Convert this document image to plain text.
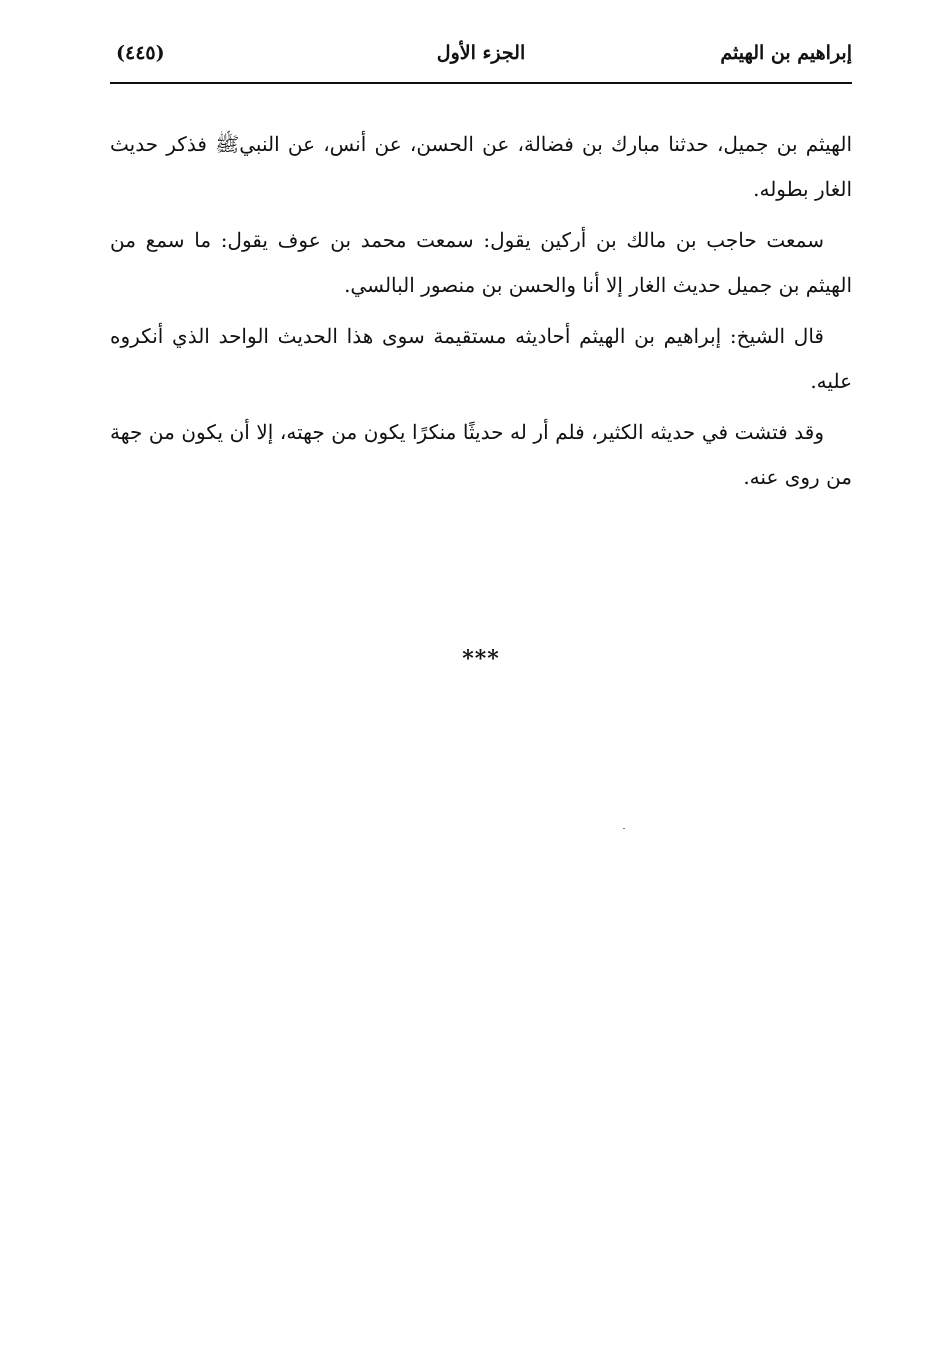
إبراهيم بن الهيثم
الجزء الأول
(٤٤٥)

الهيثم بن جميل، حدثنا مبارك بن فضالة، عن الحسن، عن أنس، عن النبيﷺ فذكر حديث الغار بطوله.

سمعت حاجب بن مالك بن أركين يقول: سمعت محمد بن عوف يقول: ما سمع من الهيثم بن جميل حديث الغار إلا أنا والحسن بن منصور البالسي.

قال الشيخ: إبراهيم بن الهيثم أحاديثه مستقيمة سوى هذا الحديث الواحد الذي أنكروه عليه.

وقد فتشت في حديثه الكثير، فلم أر له حديثًا منكرًا يكون من جهته، إلا أن يكون من جهة من روى عنه.

***
